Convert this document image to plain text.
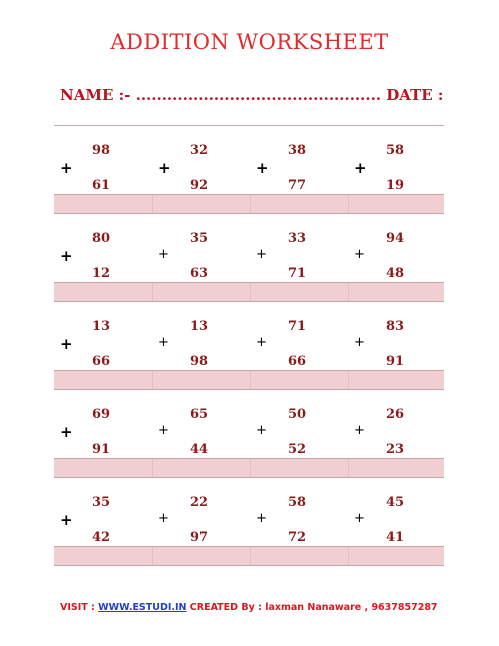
ADDITION WORKSHEET
NAME :- ............................................... DATE :
+
98
61
+
32
92
+
38
77
+
58
19
+
80
12
+
35
63
+
33
71
+
94
48
+
13
66
+
13
98
+
71
66
+
83
91
+
69
91
+
65
44
+
50
52
+
26
23
+
35
42
+
22
97
+
58
72
+
45
41
VISIT : WWW.ESTUDI.IN CREATED By : laxman Nanaware , 9637857287
